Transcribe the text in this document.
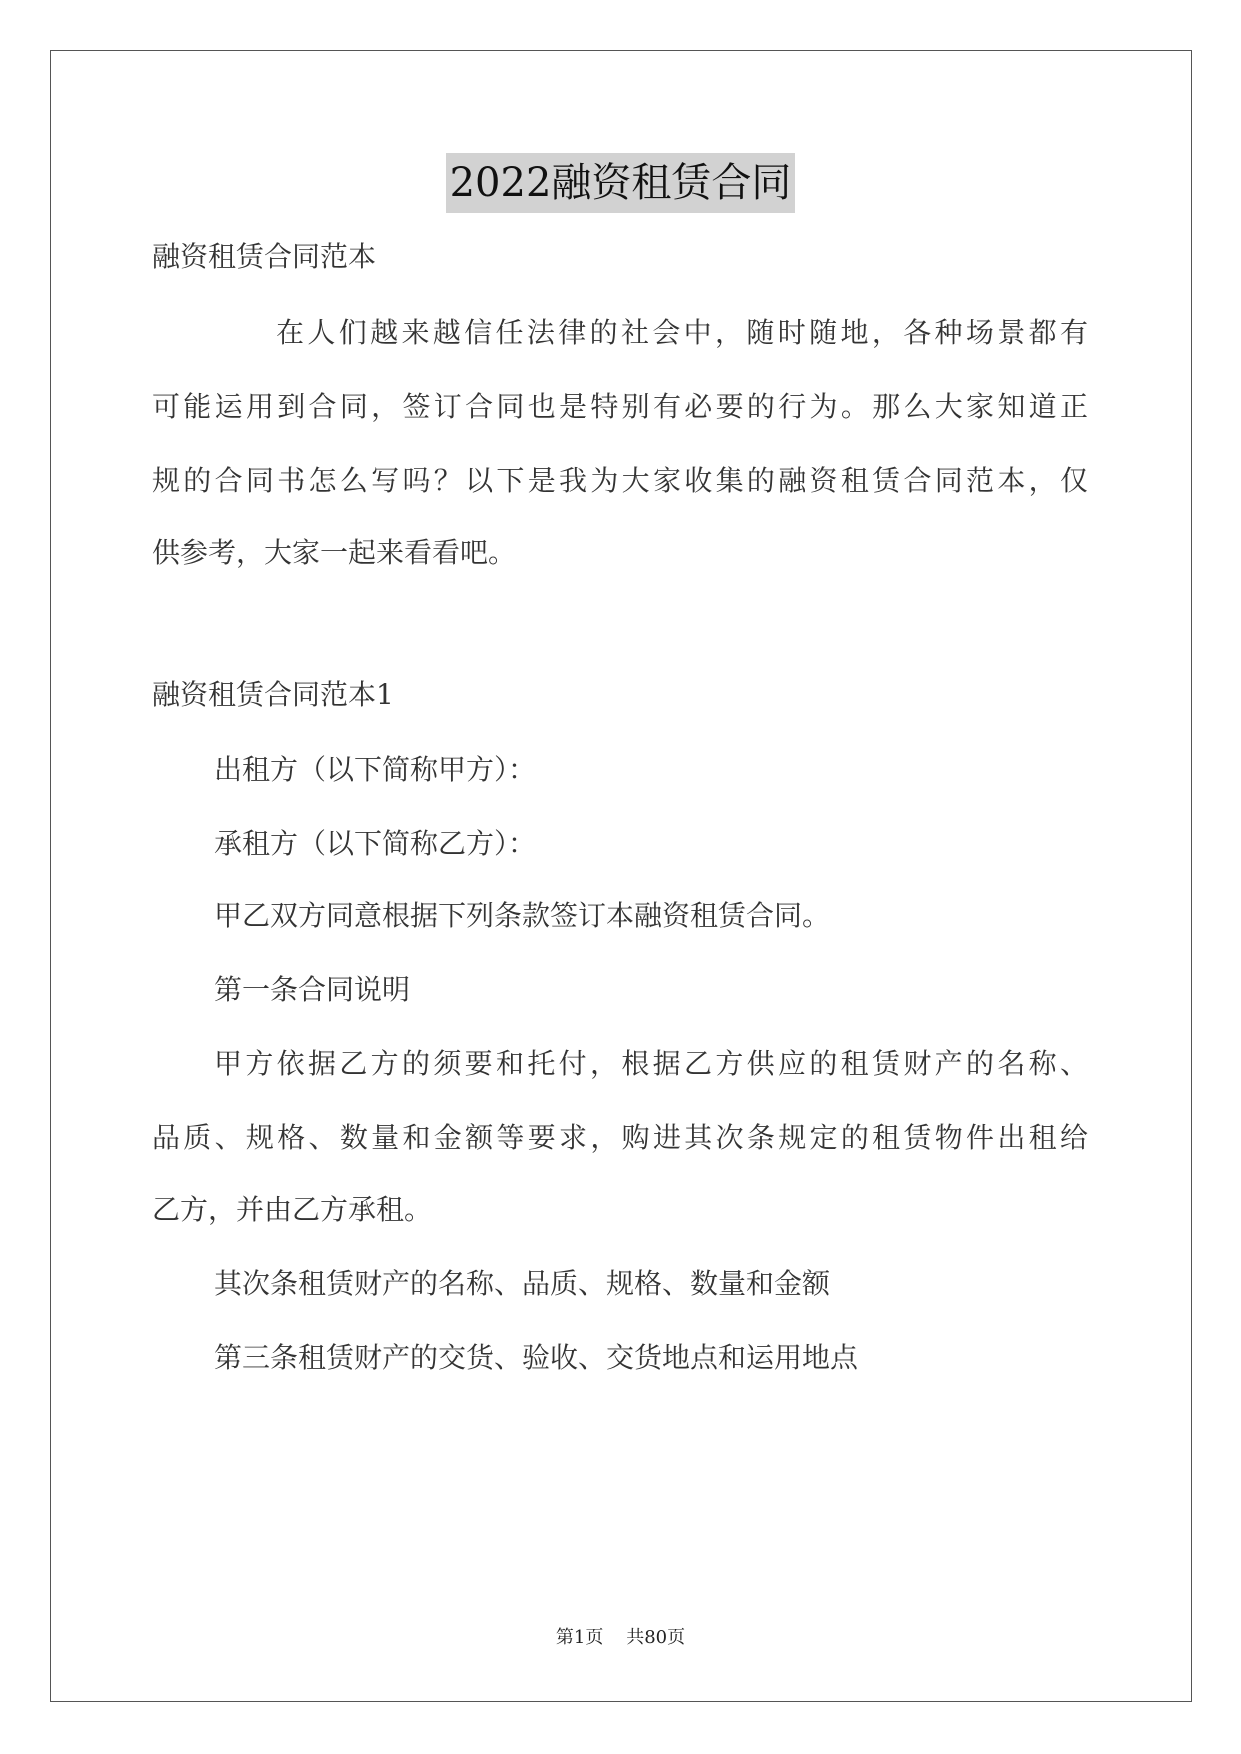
2022融资租赁合同
融资租赁合同范本
在人们越来越信任法律的社会中，随时随地，各种场景都有
可能运用到合同，签订合同也是特别有必要的行为。那么大家知道正
规的合同书怎么写吗？以下是我为大家收集的融资租赁合同范本，仅
供参考，大家一起来看看吧。
融资租赁合同范本1
出租方（以下简称甲方）：
承租方（以下简称乙方）：
甲乙双方同意根据下列条款签订本融资租赁合同。
第一条合同说明
甲方依据乙方的须要和托付，根据乙方供应的租赁财产的名称、
品质、规格、数量和金额等要求，购进其次条规定的租赁物件出租给
乙方，并由乙方承租。
其次条租赁财产的名称、品质、规格、数量和金额
第三条租赁财产的交货、验收、交货地点和运用地点
第1页    共80页
